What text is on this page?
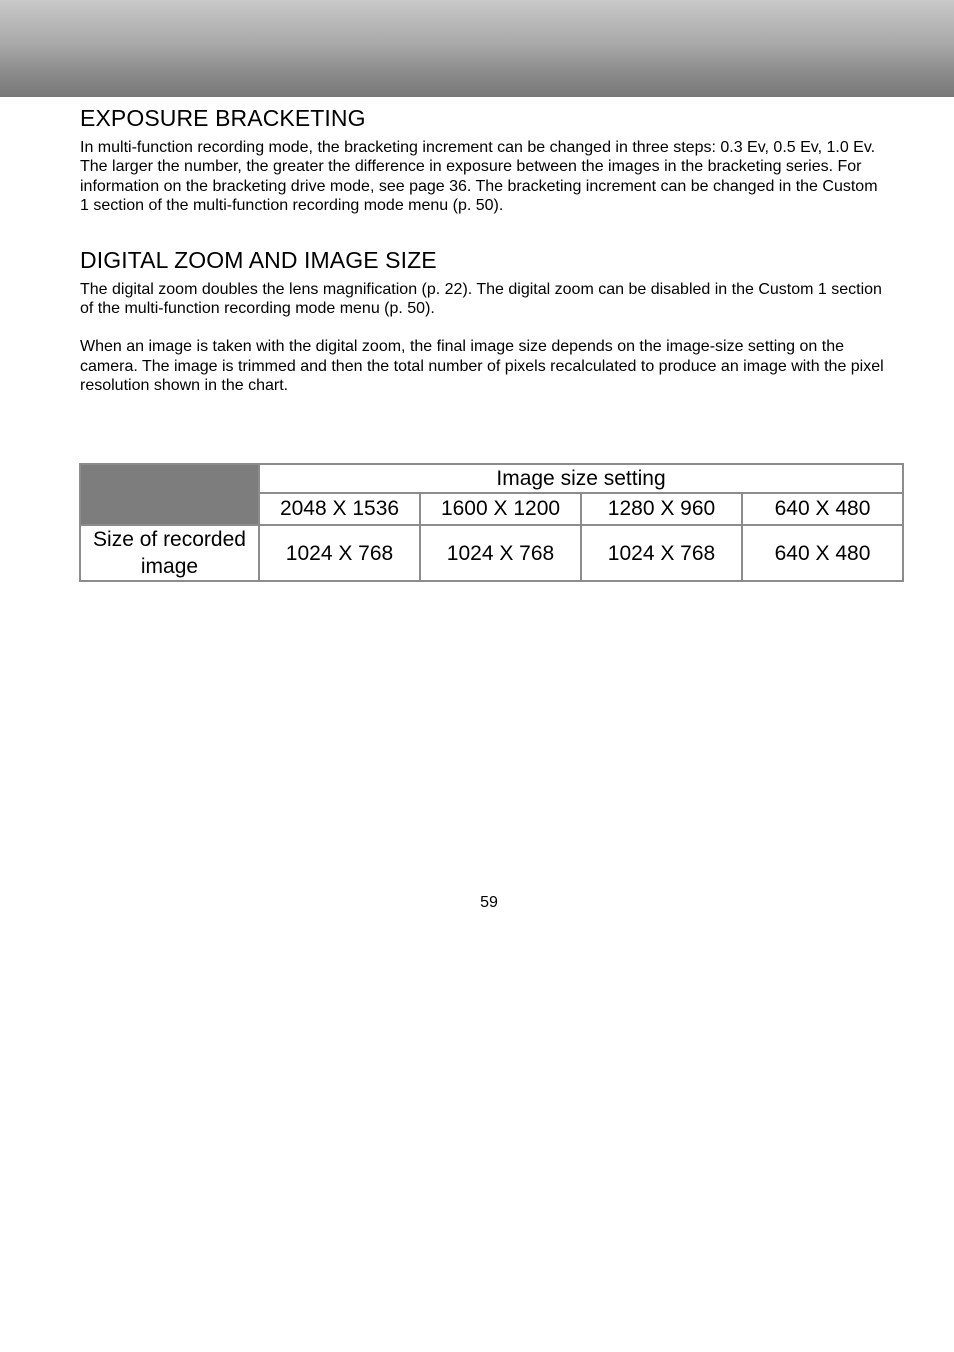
EXPOSURE BRACKETING

In multi-function recording mode, the bracketing increment can be changed in three steps: 0.3 Ev, 0.5 Ev, 1.0 Ev. The larger the number, the greater the difference in exposure between the images in the bracketing series. For information on the bracketing drive mode, see page 36. The bracketing increment can be changed in the Custom 1 section of the multi-function recording mode menu (p. 50).

DIGITAL ZOOM AND IMAGE SIZE

The digital zoom doubles the lens magnification (p. 22). The digital zoom can be disabled in the Custom 1 section of the multi-function recording mode menu (p. 50).

When an image is taken with the digital zoom, the final image size depends on the image-size setting on the camera. The image is trimmed and then the total number of pixels recalculated to produce an image with the pixel resolution shown in the chart.

	Image size setting			
	2048 X 1536	1600 X 1200	1280 X 960	640 X 480
Size of recorded image	1024 X 768	1024 X 768	1024 X 768	640 X 480
59
